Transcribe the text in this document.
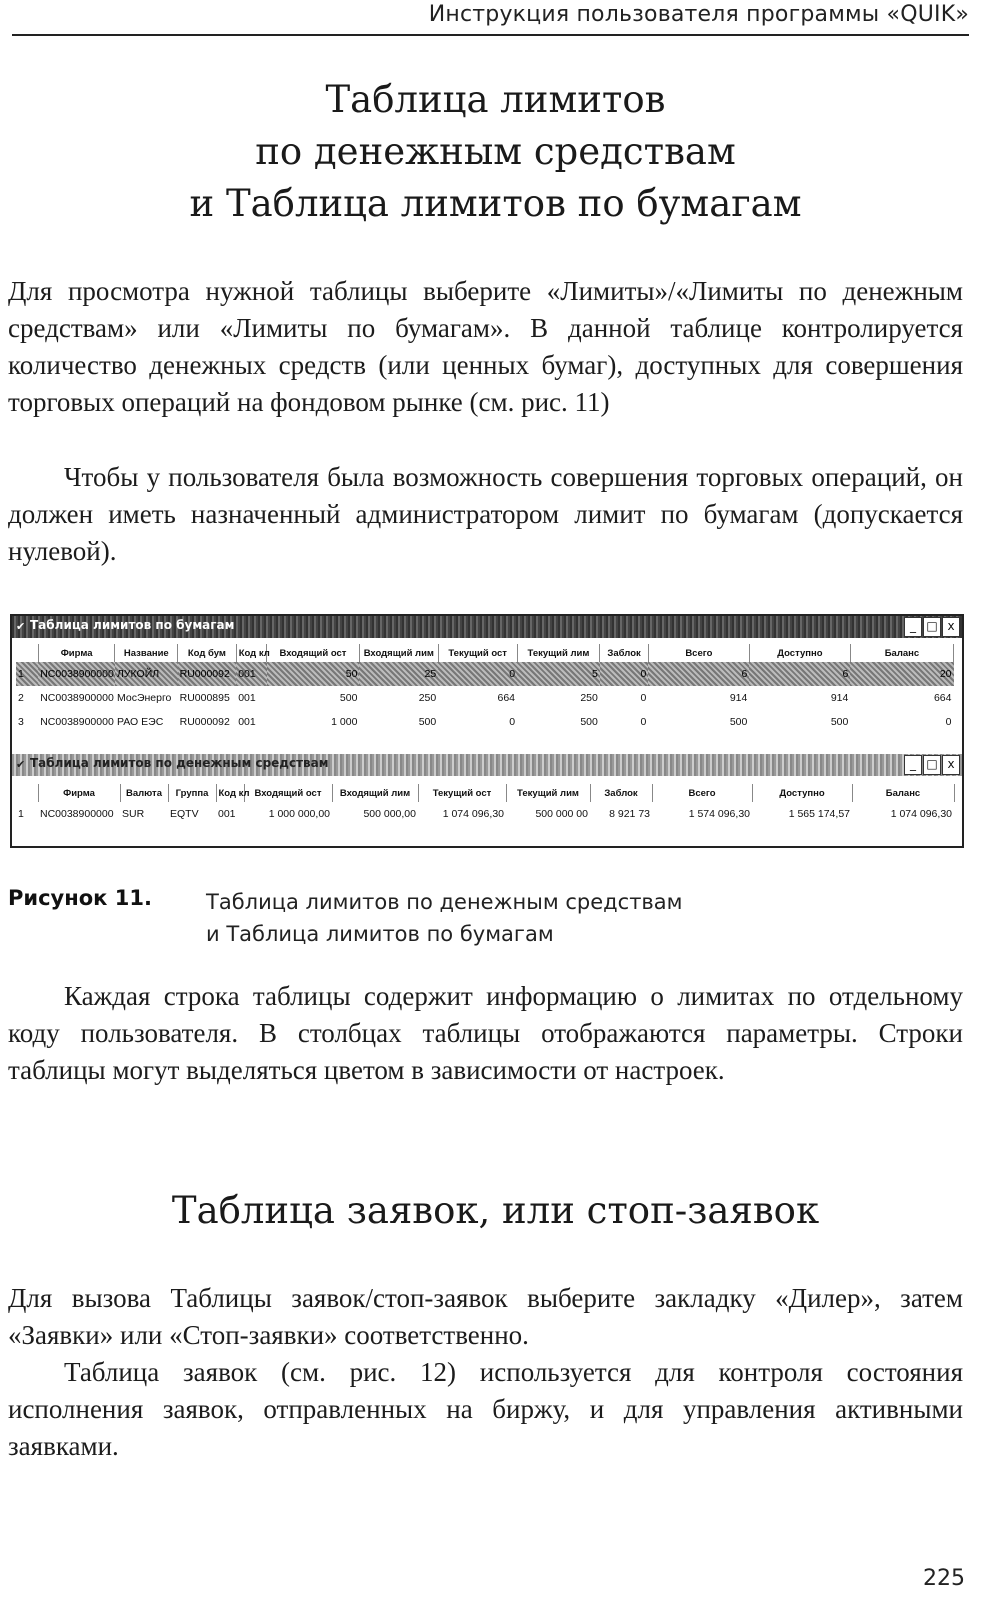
Инструкция пользователя программы «QUIK»
Таблица лимитов
по денежным средствам
и Таблица лимитов по бумагам

Для просмотра нужной таблицы выберите «Лимиты»/«Лимиты по денежным средствам» или «Лимиты по бумагам». В данной таблице контролируется количество денежных средств (или ценных бумаг), доступных для совершения торговых операций на фондовом рынке (см. рис. 11)

Чтобы у пользователя была возможность совершения торговых операций, он должен иметь назначенный администратором лимит по бумагам (допускается нулевой).

✔ Таблица лимитов по бумагам	_ □ x
	Фирма	Название	Код бум	Код кл	Входящий ост	Входящий лим	Текущий ост	Текущий лим	Заблок	Всего	Доступно	Баланс
1	NC0038900000	ЛУКОЙЛ	RU000092	001	50	25	0	5	0	6	6	20
2	NC0038900000	МосЭнерго	RU000895	001	500	250	664	250	0	914	914	664
3	NC0038900000	РАО ЕЭС	RU000092	001	1 000	500	0	500	0	500	500	0
✔ Таблица лимитов по денежным средствам	_ □ x
	Фирма	Валюта	Группа	Код кл	Входящий ост	Входящий лим	Текущий ост	Текущий лим	Заблок	Всего	Доступно	Баланс
1	NC0038900000	SUR	EQTV	001	1 000 000,00	500 000,00	1 074 096,30	500 000 00	8 921 73	1 574 096,30	1 565 174,57	1 074 096,30
Рисунок 11.	Таблица лимитов по денежным средствам
и Таблица лимитов по бумагам

Каждая строка таблицы содержит информацию о лимитах по отдельному коду пользователя. В столбцах таблицы отображаются параметры. Строки таблицы могут выделяться цветом в зависимости от настроек.

Таблица заявок, или стоп-заявок

Для вызова Таблицы заявок/стоп-заявок выберите закладку «Дилер», затем «Заявки» или «Стоп-заявки» соответственно.

Таблица заявок (см. рис. 12) используется для контроля состояния исполнения заявок, отправленных на биржу, и для управления активными заявками.

225
